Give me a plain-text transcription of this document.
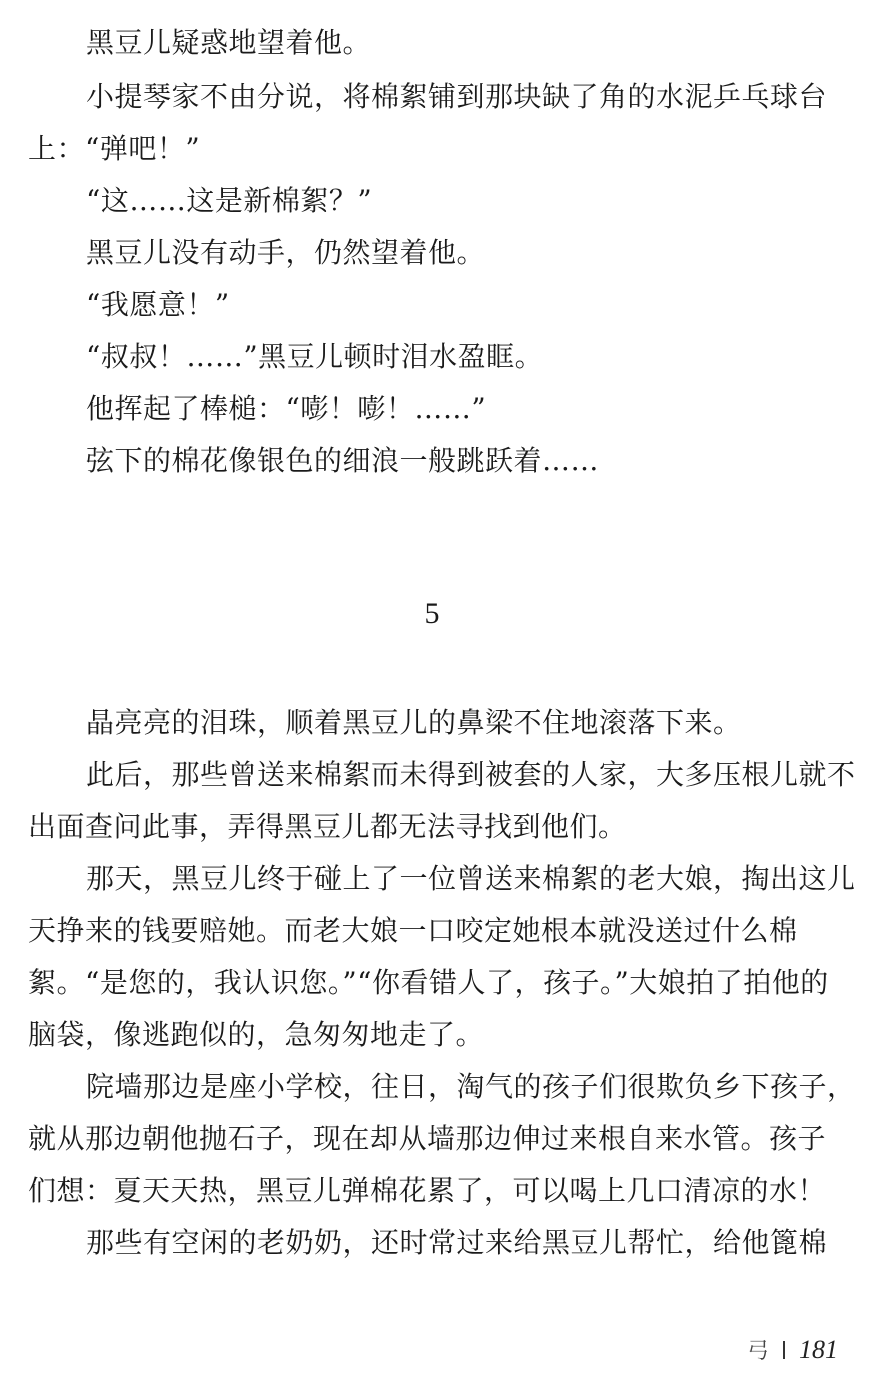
黑豆儿疑惑地望着他。
小提琴家不由分说，将棉絮铺到那块缺了角的水泥乒乓球台
上：“弹吧！”
“这……这是新棉絮？”
黑豆儿没有动手，仍然望着他。
“我愿意！”
“叔叔！……”黑豆儿顿时泪水盈眶。
他挥起了棒槌：“嘭！嘭！……”
弦下的棉花像银色的细浪一般跳跃着……
5
晶亮亮的泪珠，顺着黑豆儿的鼻梁不住地滚落下来。
此后，那些曾送来棉絮而未得到被套的人家，大多压根儿就不
出面查问此事，弄得黑豆儿都无法寻找到他们。
那天，黑豆儿终于碰上了一位曾送来棉絮的老大娘，掏出这儿
天挣来的钱要赔她。而老大娘一口咬定她根本就没送过什么棉
絮。“是您的，我认识您。”“你看错人了，孩子。”大娘拍了拍他的
脑袋，像逃跑似的，急匆匆地走了。
院墙那边是座小学校，往日，淘气的孩子们很欺负乡下孩子，
就从那边朝他抛石子，现在却从墙那边伸过来根自来水管。孩子
们想：夏天天热，黑豆儿弹棉花累了，可以喝上几口清凉的水！
那些有空闲的老奶奶，还时常过来给黑豆儿帮忙，给他篦棉
弓 181
